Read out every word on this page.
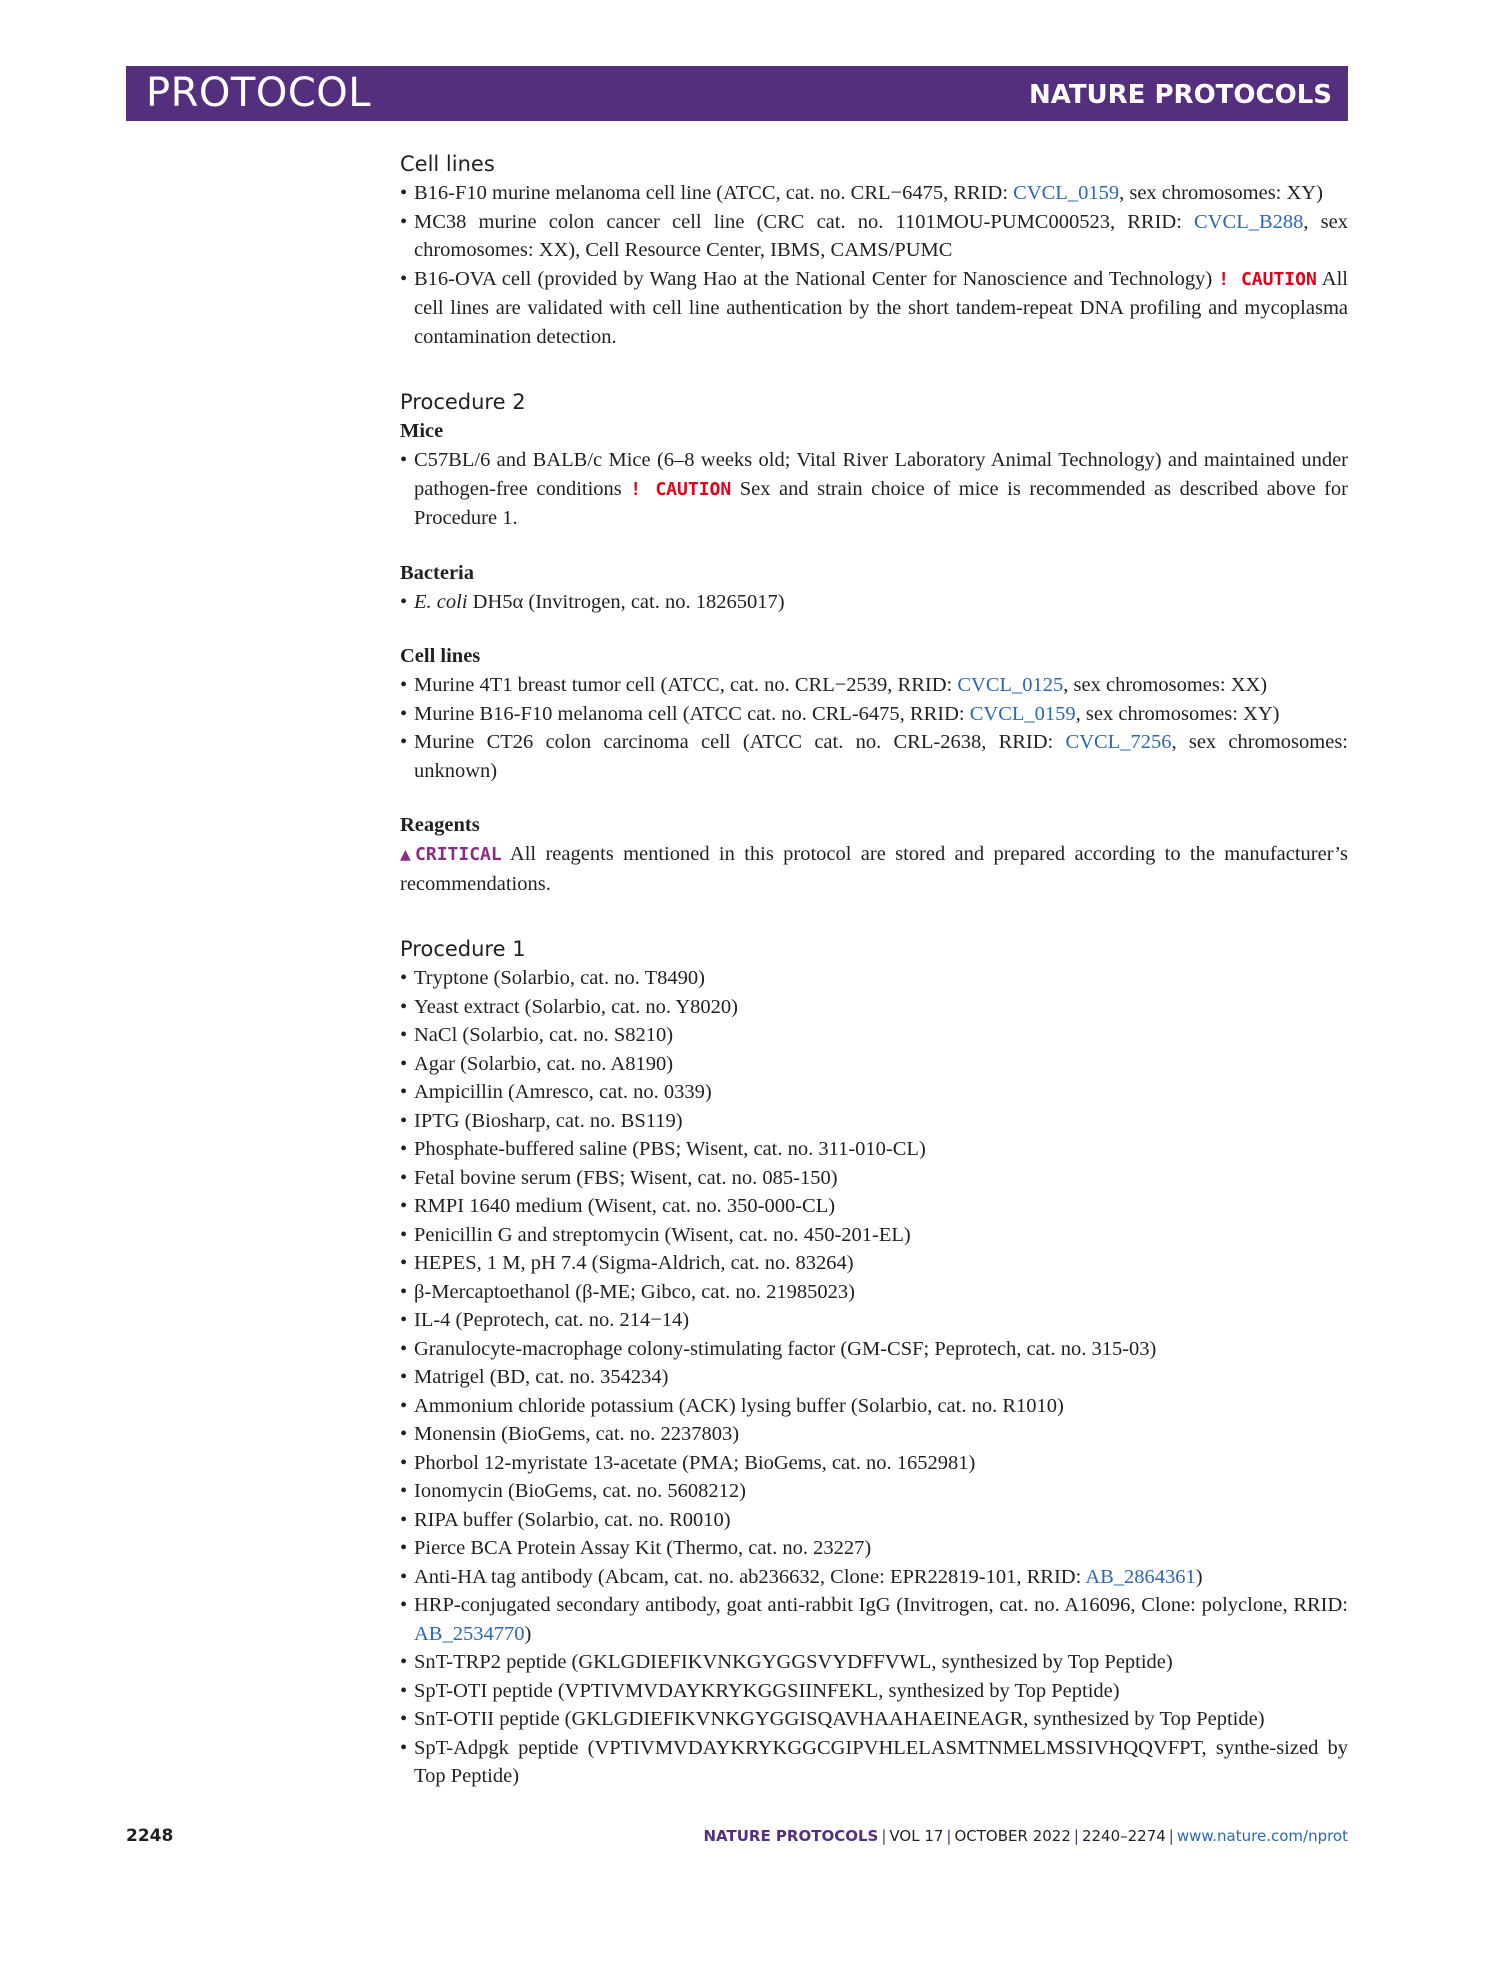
PROTOCOL	NATURE PROTOCOLS
Cell lines
• B16-F10 murine melanoma cell line (ATCC, cat. no. CRL−6475, RRID: CVCL_0159, sex chromosomes: XY)
• MC38 murine colon cancer cell line (CRC cat. no. 1101MOU-PUMC000523, RRID: CVCL_B288, sex chromosomes: XX), Cell Resource Center, IBMS, CAMS/PUMC
• B16-OVA cell (provided by Wang Hao at the National Center for Nanoscience and Technology) ! CAUTION All cell lines are validated with cell line authentication by the short tandem-repeat DNA profiling and mycoplasma contamination detection.
Procedure 2
Mice
• C57BL/6 and BALB/c Mice (6–8 weeks old; Vital River Laboratory Animal Technology) and maintained under pathogen-free conditions ! CAUTION Sex and strain choice of mice is recommended as described above for Procedure 1.
Bacteria
• E. coli DH5α (Invitrogen, cat. no. 18265017)
Cell lines
• Murine 4T1 breast tumor cell (ATCC, cat. no. CRL−2539, RRID: CVCL_0125, sex chromosomes: XX)
• Murine B16-F10 melanoma cell (ATCC cat. no. CRL-6475, RRID: CVCL_0159, sex chromosomes: XY)
• Murine CT26 colon carcinoma cell (ATCC cat. no. CRL-2638, RRID: CVCL_7256, sex chromosomes: unknown)
Reagents

▲CRITICAL All reagents mentioned in this protocol are stored and prepared according to the manufacturer’s recommendations.

Procedure 1
• Tryptone (Solarbio, cat. no. T8490)
• Yeast extract (Solarbio, cat. no. Y8020)
• NaCl (Solarbio, cat. no. S8210)
• Agar (Solarbio, cat. no. A8190)
• Ampicillin (Amresco, cat. no. 0339)
• IPTG (Biosharp, cat. no. BS119)
• Phosphate-buffered saline (PBS; Wisent, cat. no. 311-010-CL)
• Fetal bovine serum (FBS; Wisent, cat. no. 085-150)
• RMPI 1640 medium (Wisent, cat. no. 350-000-CL)
• Penicillin G and streptomycin (Wisent, cat. no. 450-201-EL)
• HEPES, 1 M, pH 7.4 (Sigma-Aldrich, cat. no. 83264)
• β-Mercaptoethanol (β-ME; Gibco, cat. no. 21985023)
• IL-4 (Peprotech, cat. no. 214−14)
• Granulocyte-macrophage colony-stimulating factor (GM-CSF; Peprotech, cat. no. 315-03)
• Matrigel (BD, cat. no. 354234)
• Ammonium chloride potassium (ACK) lysing buffer (Solarbio, cat. no. R1010)
• Monensin (BioGems, cat. no. 2237803)
• Phorbol 12-myristate 13-acetate (PMA; BioGems, cat. no. 1652981)
• Ionomycin (BioGems, cat. no. 5608212)
• RIPA buffer (Solarbio, cat. no. R0010)
• Pierce BCA Protein Assay Kit (Thermo, cat. no. 23227)
• Anti-HA tag antibody (Abcam, cat. no. ab236632, Clone: EPR22819-101, RRID: AB_2864361)
• HRP-conjugated secondary antibody, goat anti-rabbit IgG (Invitrogen, cat. no. A16096, Clone: polyclone, RRID: AB_2534770)
• SnT-TRP2 peptide (GKLGDIEFIKVNKGYGGSVYDFFVWL, synthesized by Top Peptide)
• SpT-OTI peptide (VPTIVMVDAYKRYKGGSIINFEKL, synthesized by Top Peptide)
• SnT-OTII peptide (GKLGDIEFIKVNKGYGGISQAVHAAHAEINEAGR, synthesized by Top Peptide)
• SpT-Adpgk peptide (VPTIVMVDAYKRYKGGCGIPVHLELASMTNMELMSSIVHQQVFPT, synthe-sized by Top Peptide)
2248	NATURE PROTOCOLS | VOL 17 | OCTOBER 2022 | 2240–2274 | www.nature.com/nprot
